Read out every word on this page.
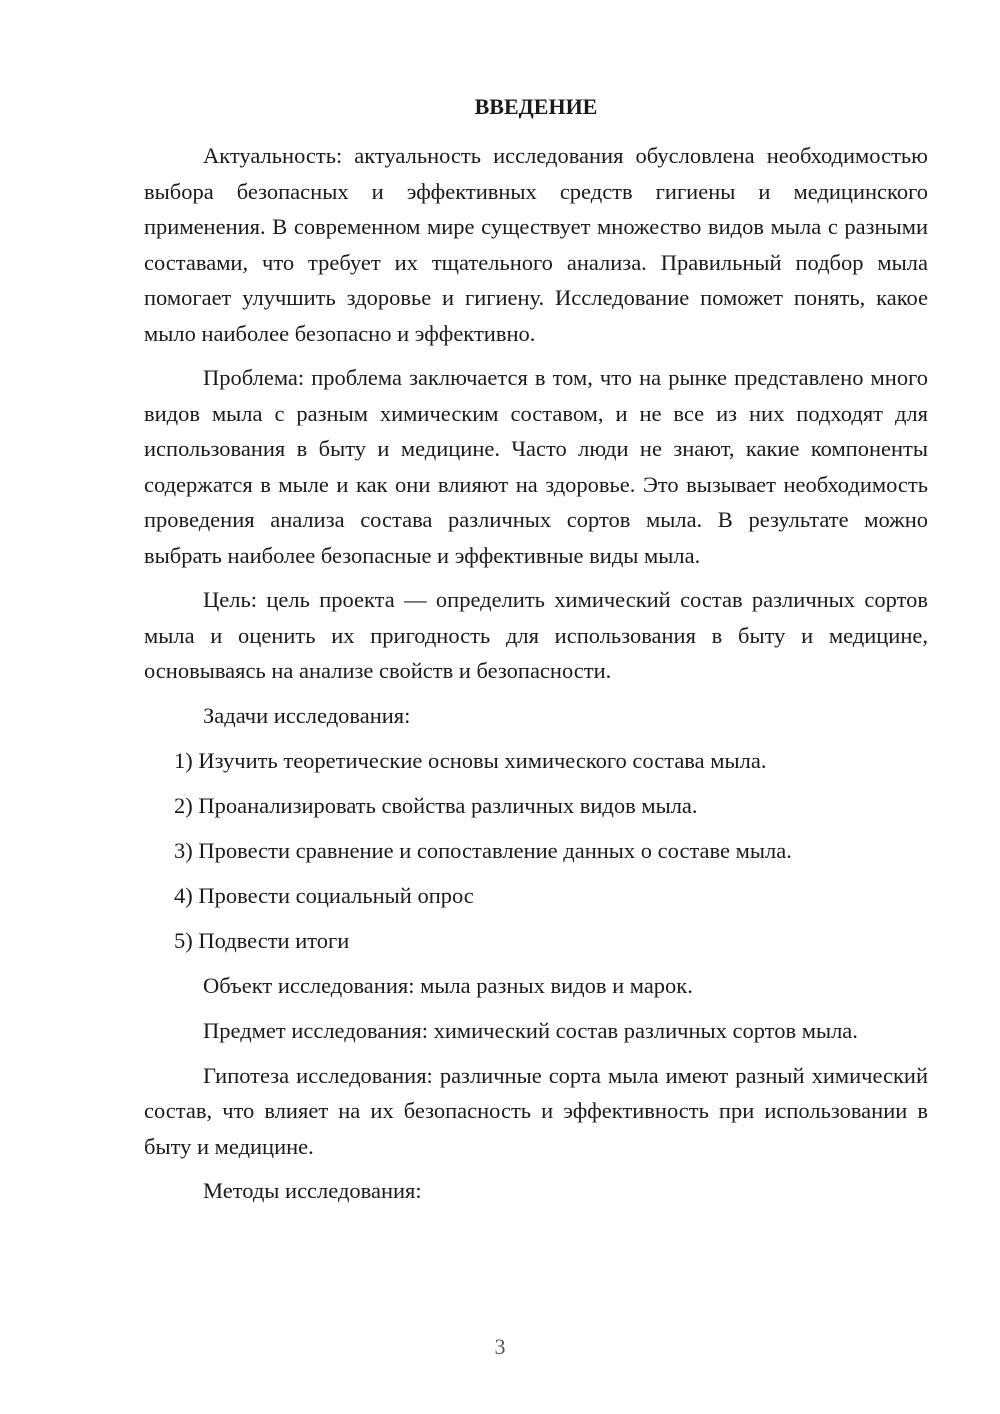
ВВЕДЕНИЕ

Актуальность: актуальность исследования обусловлена необходимостью выбора безопасных и эффективных средств гигиены и медицинского применения. В современном мире существует множество видов мыла с разными составами, что требует их тщательного анализа. Правильный подбор мыла помогает улучшить здоровье и гигиену. Исследование поможет понять, какое мыло наиболее безопасно и эффективно.

Проблема: проблема заключается в том, что на рынке представлено много видов мыла с разным химическим составом, и не все из них подходят для использования в быту и медицине. Часто люди не знают, какие компоненты содержатся в мыле и как они влияют на здоровье. Это вызывает необходимость проведения анализа состава различных сортов мыла. В результате можно выбрать наиболее безопасные и эффективные виды мыла.

Цель: цель проекта — определить химический состав различных сортов мыла и оценить их пригодность для использования в быту и медицине, основываясь на анализе свойств и безопасности.

Задачи исследования:

1) Изучить теоретические основы химического состава мыла.

2) Проанализировать свойства различных видов мыла.

3) Провести сравнение и сопоставление данных о составе мыла.

4) Провести социальный опрос

5) Подвести итоги

Объект исследования: мыла разных видов и марок.

Предмет исследования: химический состав различных сортов мыла.

Гипотеза исследования: различные сорта мыла имеют разный химический состав, что влияет на их безопасность и эффективность при использовании в быту и медицине.

Методы исследования:

3
